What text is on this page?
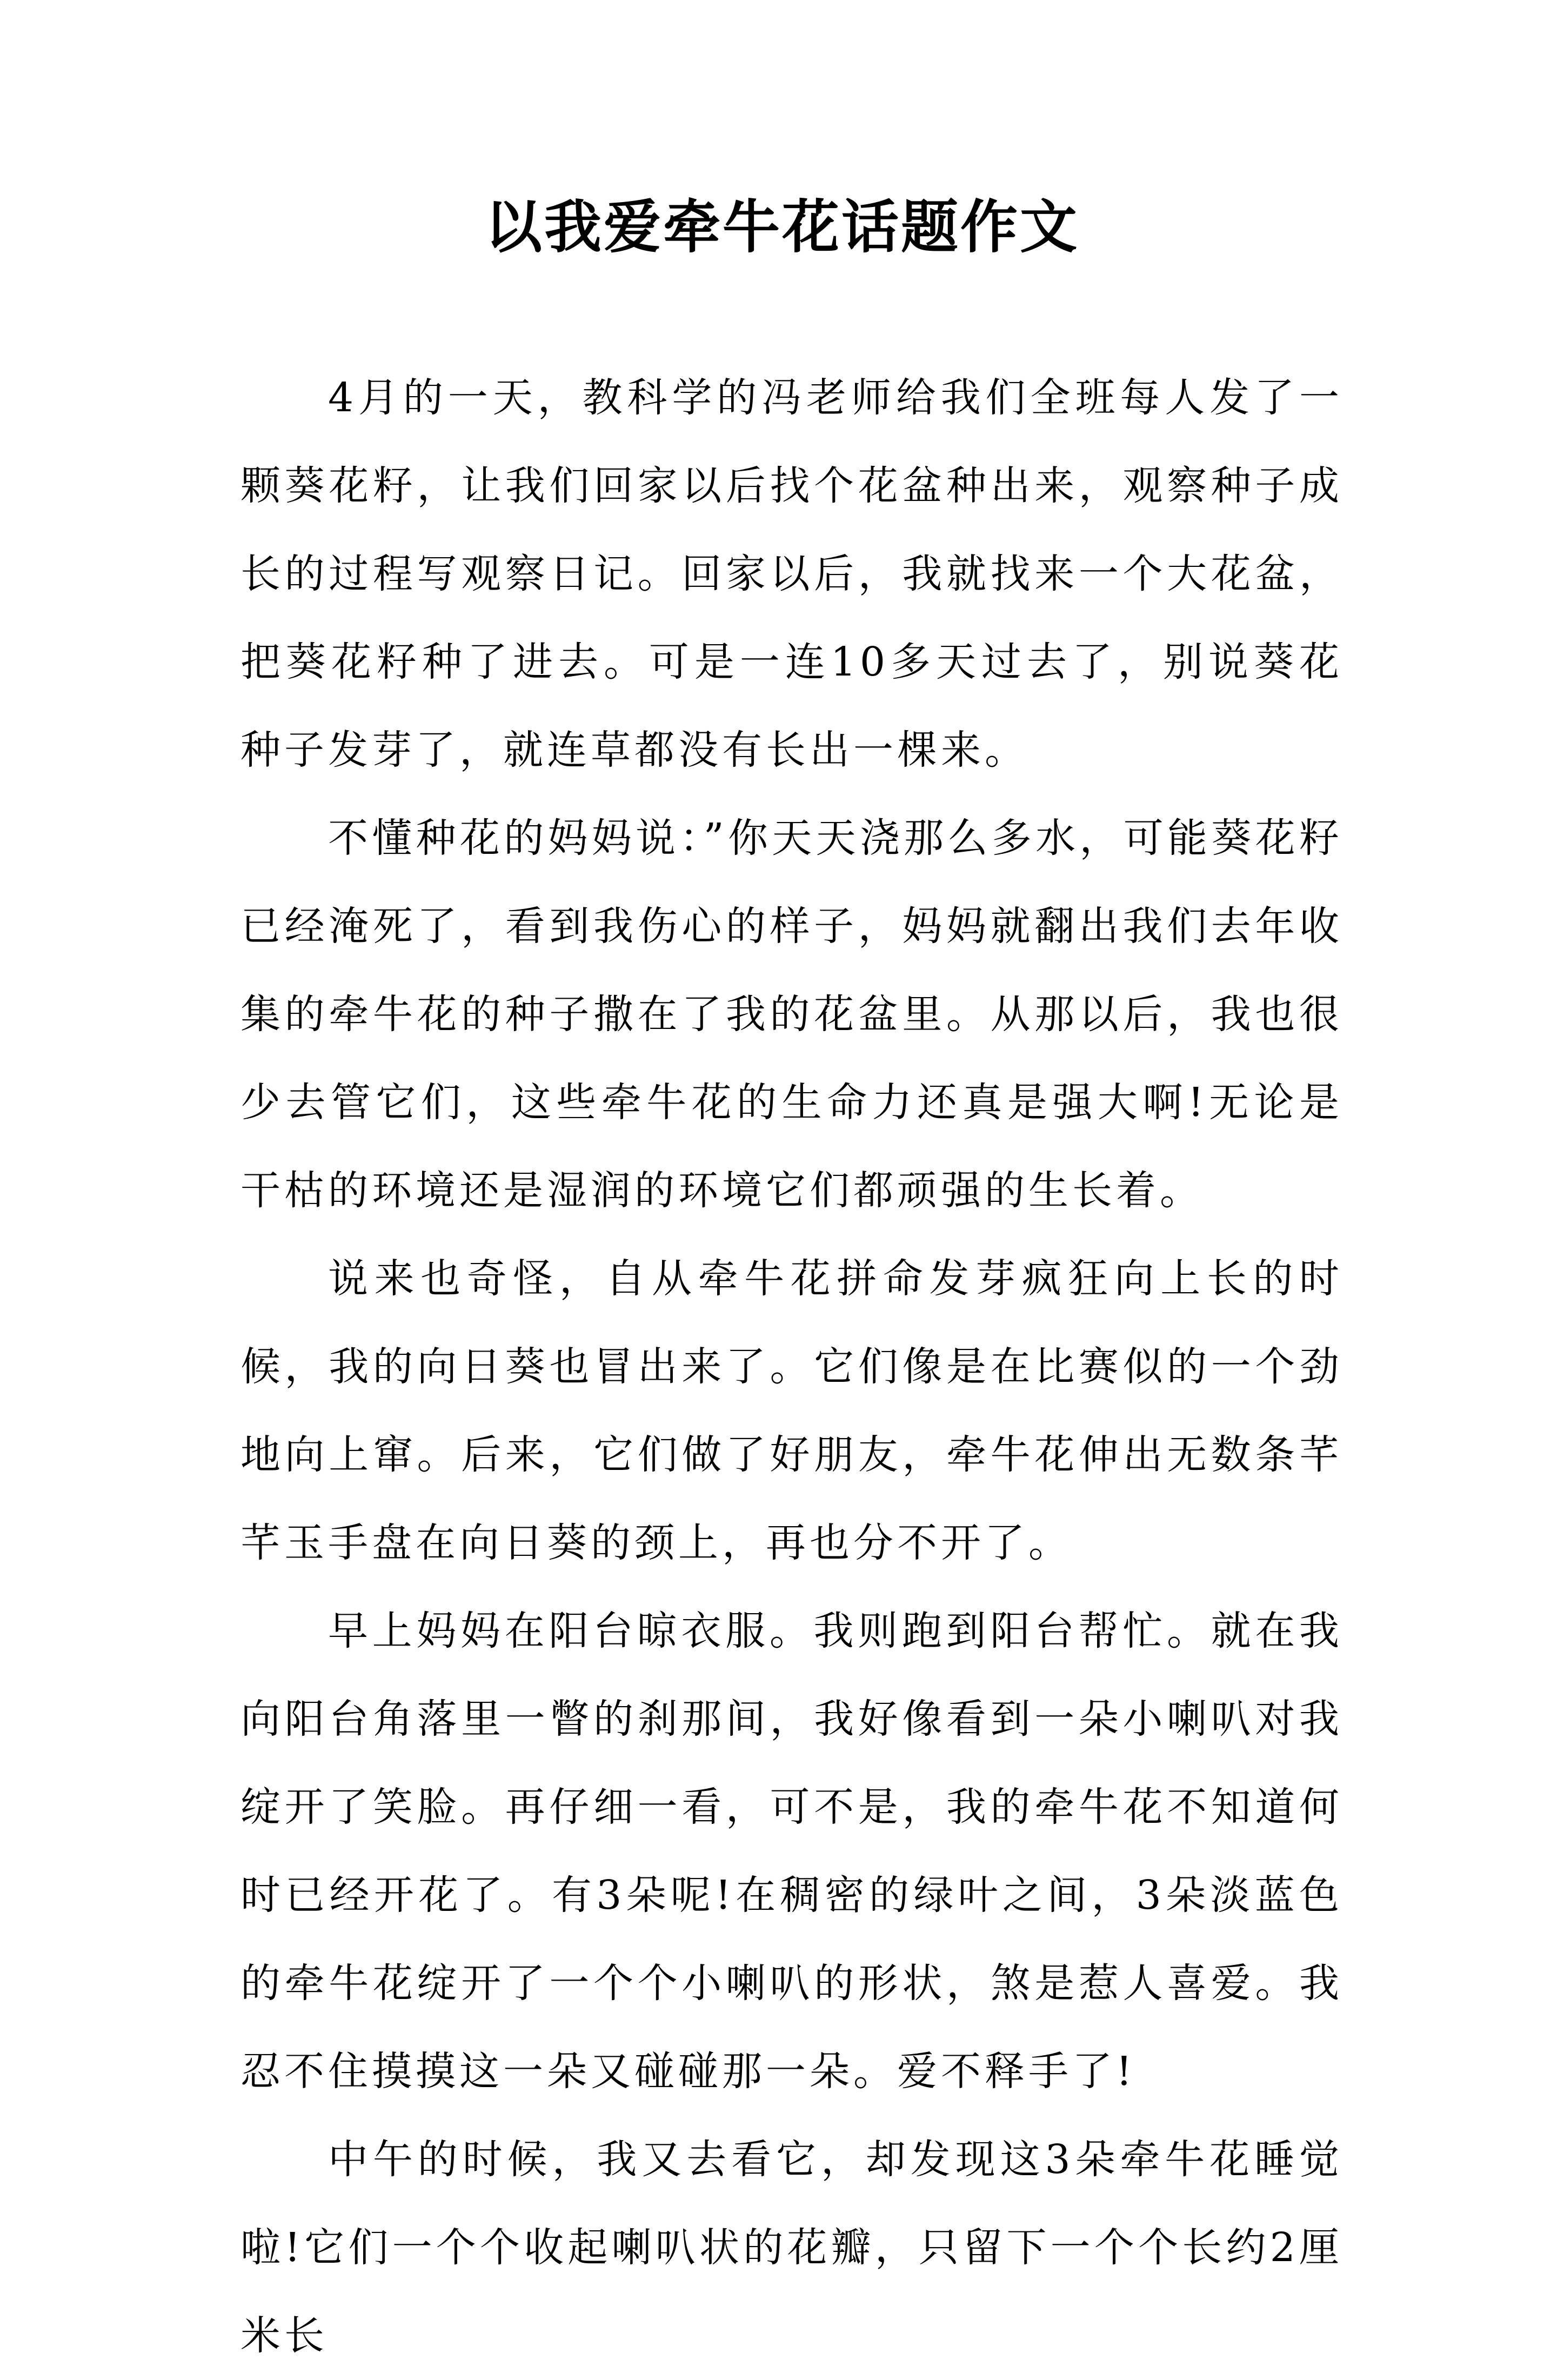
以我爱牵牛花话题作文

4月的一天，教科学的冯老师给我们全班每人发了一颗葵花籽，让我们回家以后找个花盆种出来，观察种子成长的过程写观察日记。回家以后，我就找来一个大花盆，把葵花籽种了进去。可是一连10多天过去了，别说葵花种子发芽了，就连草都没有长出一棵来。

不懂种花的妈妈说：”你天天浇那么多水，可能葵花籽已经淹死了，看到我伤心的样子，妈妈就翻出我们去年收集的牵牛花的种子撒在了我的花盆里。从那以后，我也很少去管它们，这些牵牛花的生命力还真是强大啊!无论是干枯的环境还是湿润的环境它们都顽强的生长着。

说来也奇怪，自从牵牛花拼命发芽疯狂向上长的时候，我的向日葵也冒出来了。它们像是在比赛似的一个劲地向上窜。后来，它们做了好朋友，牵牛花伸出无数条芊芊玉手盘在向日葵的颈上，再也分不开了。

早上妈妈在阳台晾衣服。我则跑到阳台帮忙。就在我向阳台角落里一瞥的刹那间，我好像看到一朵小喇叭对我绽开了笑脸。再仔细一看，可不是，我的牵牛花不知道何时已经开花了。有3朵呢!在稠密的绿叶之间，3朵淡蓝色的牵牛花绽开了一个个小喇叭的形状，煞是惹人喜爱。我忍不住摸摸这一朵又碰碰那一朵。爱不释手了!

中午的时候，我又去看它，却发现这3朵牵牛花睡觉啦!它们一个个收起喇叭状的花瓣，只留下一个个长约2厘米长
